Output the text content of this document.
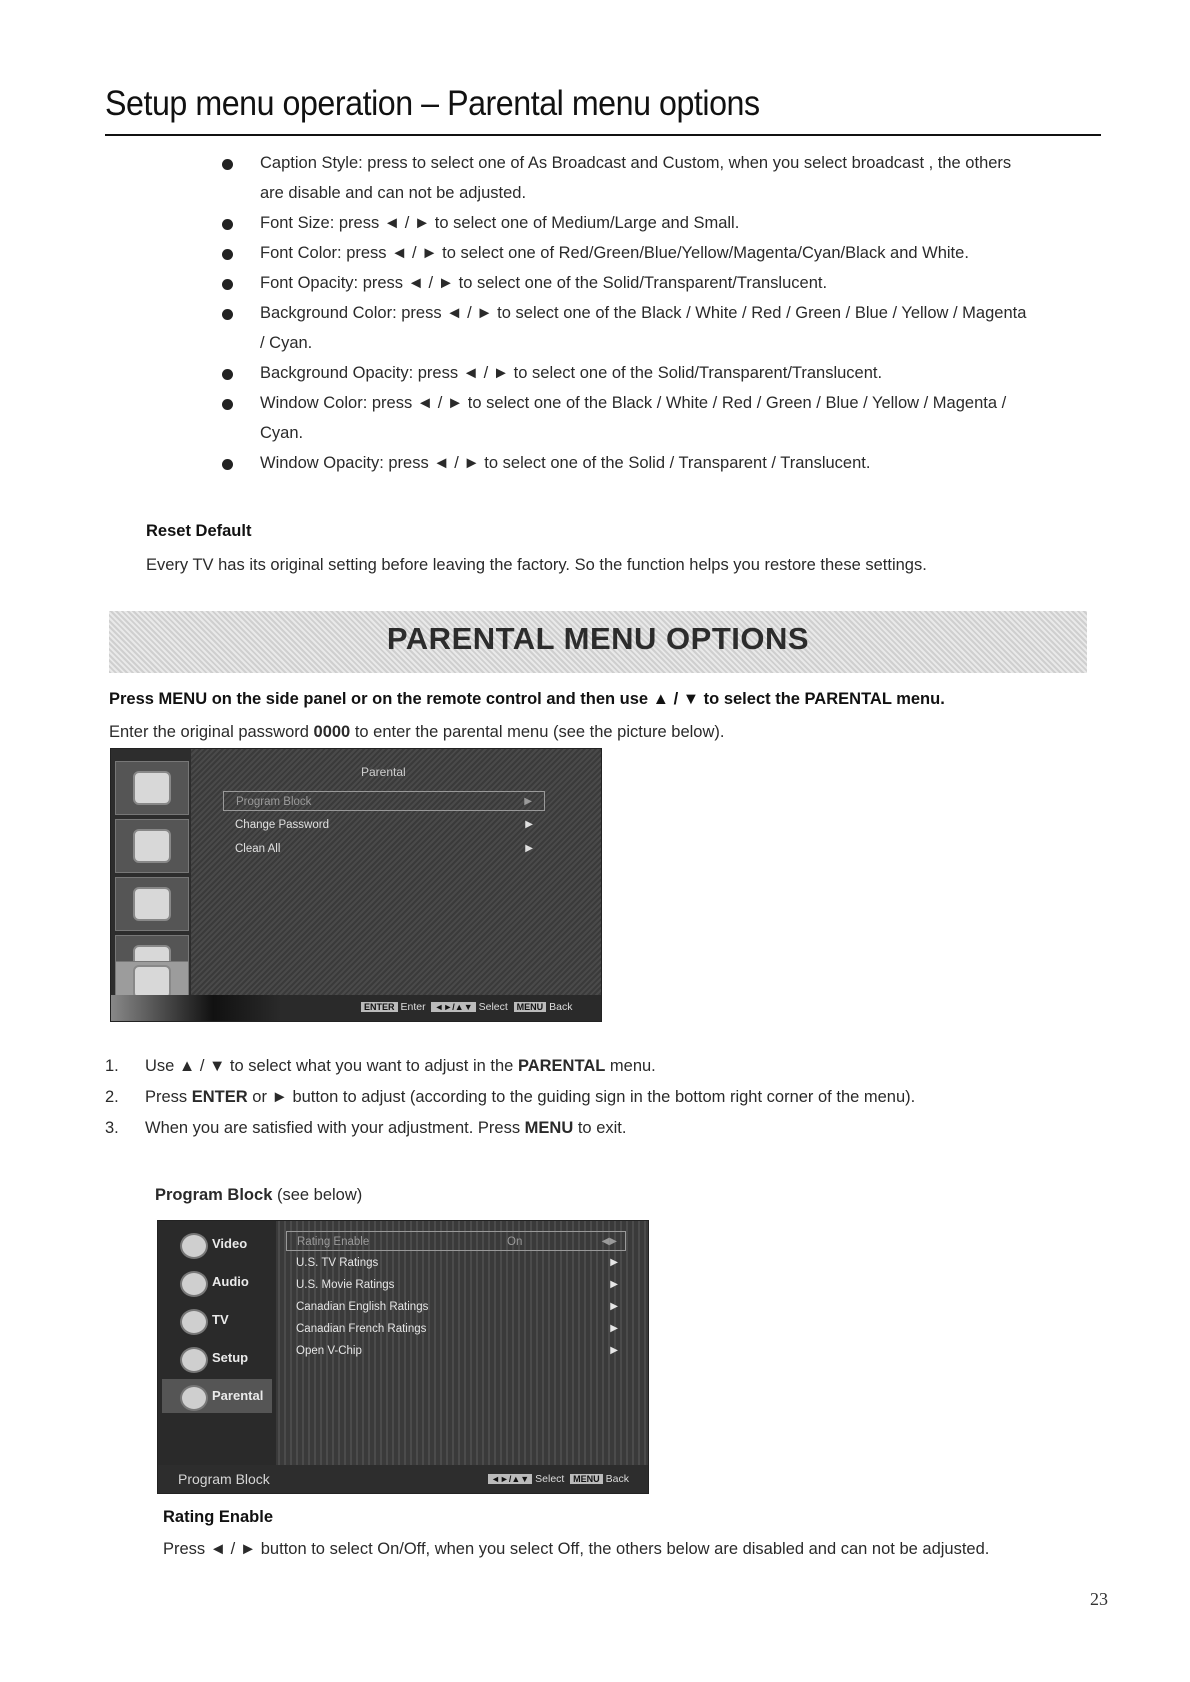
Setup menu operation – Parental menu options
Caption Style: press to select one of As Broadcast and Custom, when you select broadcast , the others
are disable and can not be adjusted.
Font Size: press ◄ / ► to select one of Medium/Large and Small.
Font Color: press ◄ / ► to select one of Red/Green/Blue/Yellow/Magenta/Cyan/Black and White.
Font Opacity: press ◄ / ► to select one of the Solid/Transparent/Translucent.
Background Color: press ◄ / ► to select one of the Black / White / Red / Green / Blue / Yellow / Magenta
/ Cyan.
Background Opacity: press ◄ / ► to select one of the Solid/Transparent/Translucent.
Window Color: press ◄ / ► to select one of the Black / White / Red / Green / Blue / Yellow / Magenta /
Cyan.
Window Opacity: press ◄ / ► to select one of the Solid / Transparent / Translucent.
Reset Default
Every TV has its original setting before leaving the factory. So the function helps you restore these settings.
PARENTAL MENU OPTIONS
Press MENU on the side panel or on the remote control and then use ▲ / ▼ to select the PARENTAL menu.
Enter the original password 0000 to enter the parental menu (see the picture below).
Parental
Program Block	▶
Change Password	▶
Clean All	▶
ENTER Enter ◄►/▲▼ Select MENU Back
1. Use ▲ / ▼ to select what you want to adjust in the PARENTAL menu.
2. Press ENTER or ► button to adjust (according to the guiding sign in the bottom right corner of the menu).
3. When you are satisfied with your adjustment. Press MENU to exit.
Program Block (see below)
Video
Audio
TV
Setup
Parental
Rating Enable	On	◀▶
U.S. TV Ratings	▶
U.S. Movie Ratings	▶
Canadian English Ratings	▶
Canadian French Ratings	▶
Open V-Chip	▶
Program Block	◄►/▲▼ Select MENU Back
Rating Enable
Press ◄ / ► button to select On/Off, when you select Off, the others below are disabled and can not be adjusted.
23
